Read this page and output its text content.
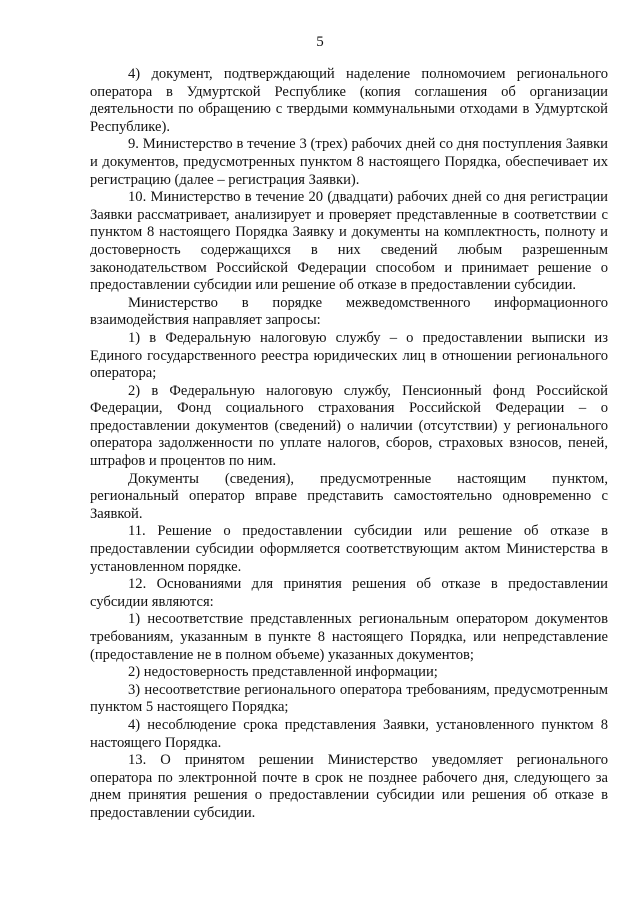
5

4) документ, подтверждающий наделение полномочием регионального оператора в Удмуртской Республике (копия соглашения об организации деятельности по обращению с твердыми коммунальными отходами в Удмуртской Республике).

9. Министерство в течение 3 (трех) рабочих дней со дня поступления Заявки и документов, предусмотренных пунктом 8 настоящего Порядка, обеспечивает их регистрацию (далее – регистрация Заявки).

10. Министерство в течение 20 (двадцати) рабочих дней со дня регистрации Заявки рассматривает, анализирует и проверяет представленные в соответствии с пунктом 8 настоящего Порядка Заявку и документы на комплектность, полноту и достоверность содержащихся в них сведений любым разрешенным законодательством Российской Федерации способом и принимает решение о предоставлении субсидии или решение об отказе в предоставлении субсидии.

Министерство в порядке межведомственного информационного взаимодействия направляет запросы:

1) в Федеральную налоговую службу – о предоставлении выписки из Единого государственного реестра юридических лиц в отношении регионального оператора;

2) в Федеральную налоговую службу, Пенсионный фонд Российской Федерации, Фонд социального страхования Российской Федерации – о предоставлении документов (сведений) о наличии (отсутствии) у регионального оператора задолженности по уплате налогов, сборов, страховых взносов, пеней, штрафов и процентов по ним.

Документы (сведения), предусмотренные настоящим пунктом, региональный оператор вправе представить самостоятельно одновременно с Заявкой.

11. Решение о предоставлении субсидии или решение об отказе в предоставлении субсидии оформляется соответствующим актом Министерства в установленном порядке.

12. Основаниями для принятия решения об отказе в предоставлении субсидии являются:

1) несоответствие представленных региональным оператором документов требованиям, указанным в пункте 8 настоящего Порядка, или непредставление (предоставление не в полном объеме) указанных документов;

2) недостоверность представленной информации;

3) несоответствие регионального оператора требованиям, предусмотренным пунктом 5 настоящего Порядка;

4) несоблюдение срока представления Заявки, установленного пунктом 8 настоящего Порядка.

13. О принятом решении Министерство уведомляет регионального оператора по электронной почте в срок не позднее рабочего дня, следующего за днем принятия решения о предоставлении субсидии или решения об отказе в предоставлении субсидии.
